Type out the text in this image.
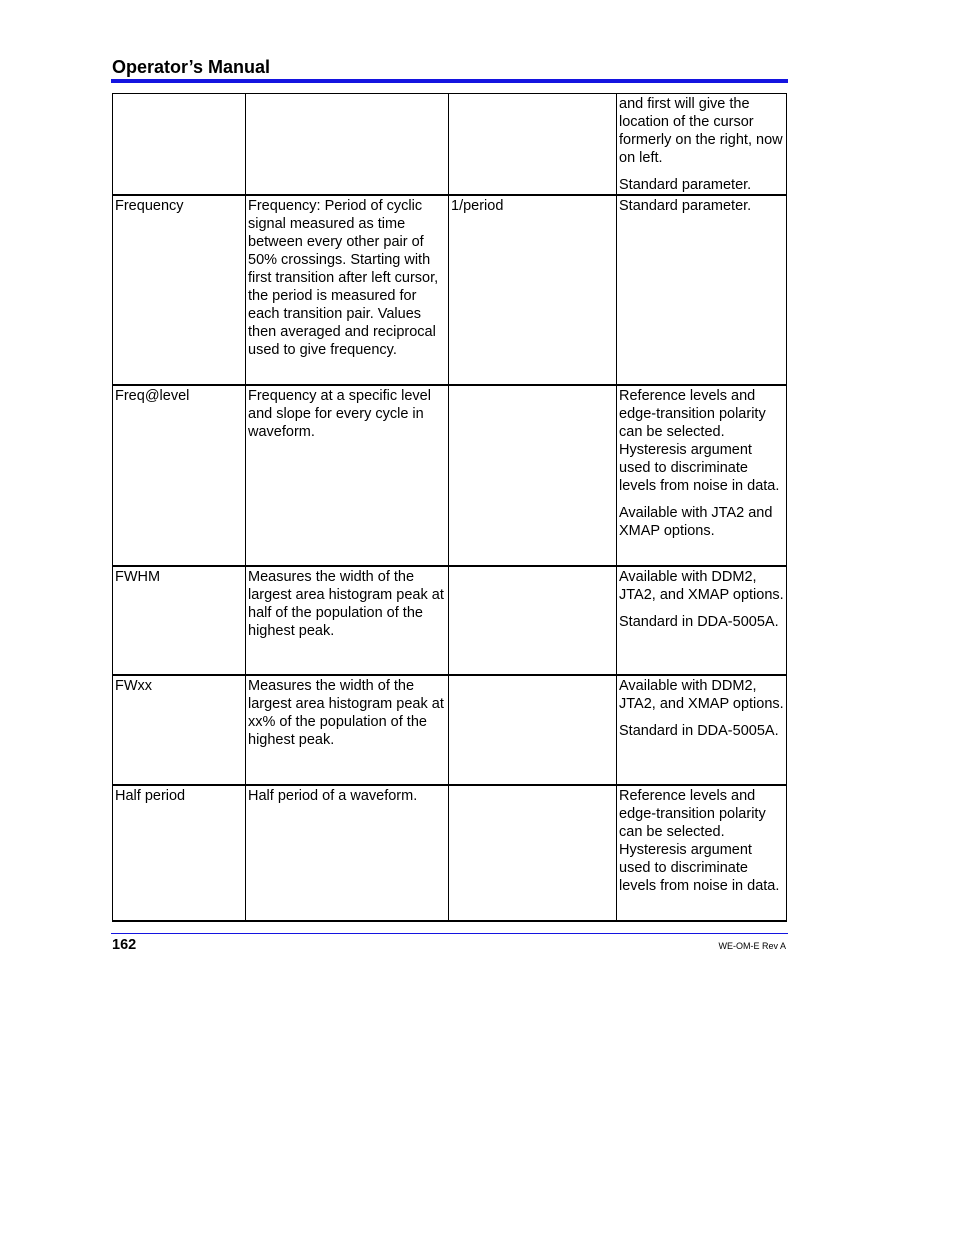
Operator’s Manual

			and first will give the location of the cursor formerly on the right, now on left.

Standard parameter.

Frequency	Frequency: Period of cyclic signal measured as time between every other pair of 50% crossings. Starting with first transition after left cursor, the period is measured for each transition pair. Values then averaged and reciprocal used to give frequency.	1/period	Standard parameter.

Freq@level	Frequency at a specific level and slope for every cycle in waveform.		Reference levels and edge-transition polarity can be selected. Hysteresis argument used to discriminate levels from noise in data.

Available with JTA2 and XMAP options.

FWHM	Measures the width of the largest area histogram peak at half of the population of the highest peak.		Available with DDM2, JTA2, and XMAP options.

Standard in DDA-5005A.

FWxx	Measures the width of the largest area histogram peak at xx% of the population of the highest peak.		Available with DDM2, JTA2, and XMAP options.

Standard in DDA-5005A.

Half period	Half period of a waveform.		Reference levels and edge-transition polarity can be selected. Hysteresis argument used to discriminate levels from noise in data.

162	WE-OM-E Rev A
